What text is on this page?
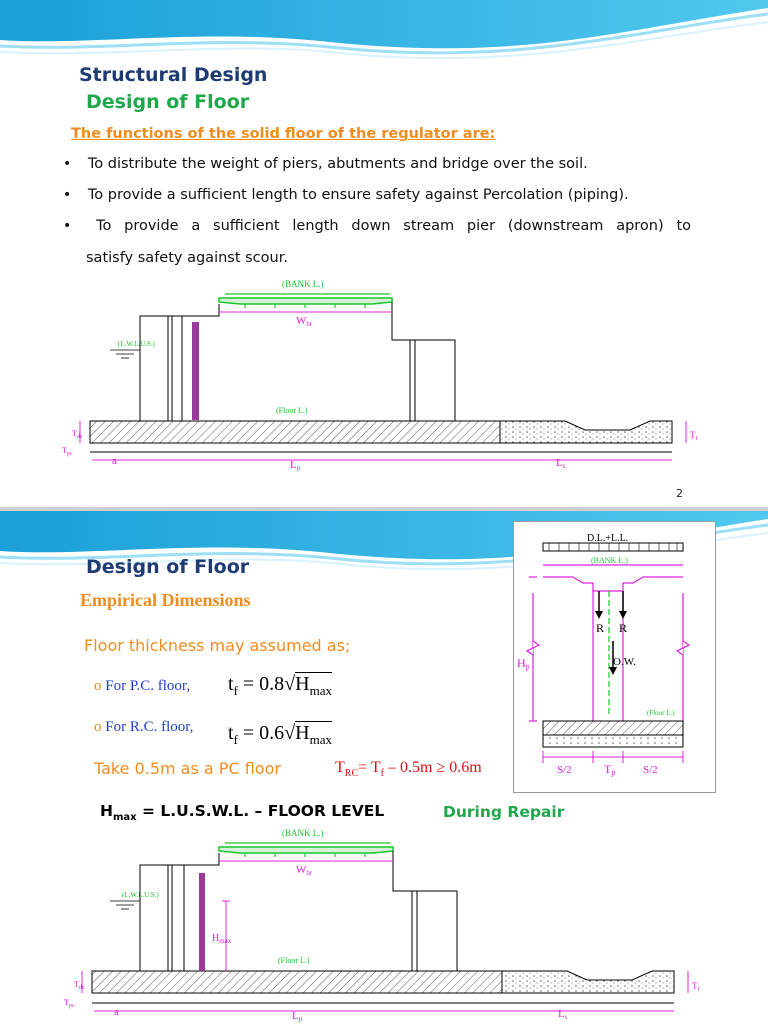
Structural Design
Design of Floor
The functions of the solid floor of the regulator are:
• To distribute the weight of piers, abutments and bridge over the soil.
• To provide a sufficient length to ensure safety against Percolation (piping).
• To provide a sufficient length down stream pier (downstream apron) to
satisfy safety against scour.
(BANK L.)
Wbr
(L.W.L.U.S.)
(Floor L.)
$T_{de}$
$T_{pc}$
$T_f$
a	Lp	Ls
2
Design of Floor
Empirical Dimensions
Floor thickness may assumed as;
o For P.C. floor, $t_f = 0.8√H_{max}$
o For R.C. floor, $t_f = 0.6√H_{max}$
Take 0.5m as a PC floor	$T_{RC}= T_f - 0.5m \ge 0.6m$
$H_{max} = L.U.S.W.L$. – FLOOR LEVEL	During Repair
D.L.+L.L.
(BANK L.)
R R
O.W.
Hp
(Floor L.)
S/2	Tp	S/2
(BANK L.)
Wbr
(L.W.L.U.S.)
$H_{max}$
(Floor L.)
$T_{de}$
$T_{pc}$
$T_f$
a	Lp	Ls
